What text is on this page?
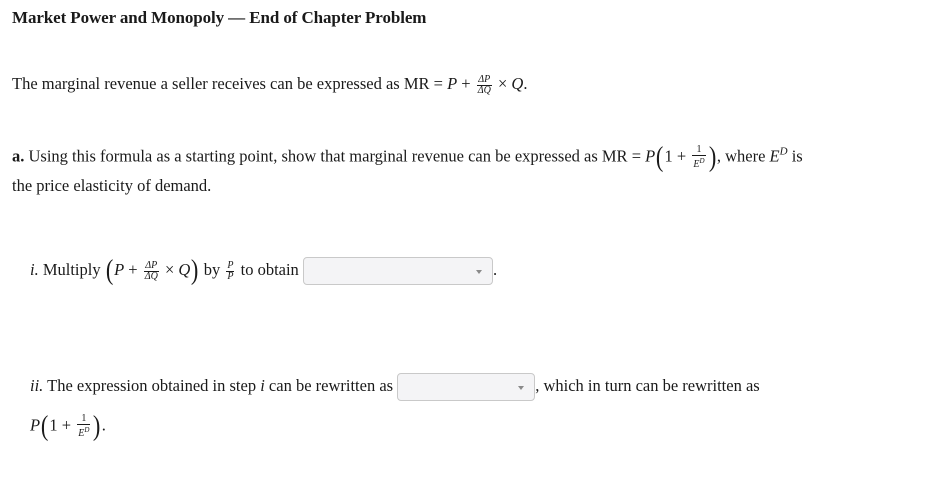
Market Power and Monopoly — End of Chapter Problem
The marginal revenue a seller receives can be expressed as MR = $P + \frac{\Delta P}{\Delta Q} \times Q$.
a. Using this formula as a starting point, show that marginal revenue can be expressed as MR = $P(1 + \frac{1}{E^D}$ ), where $E^D$ is
the price elasticity of demand.
i. Multiply $(P + \frac{\Delta P}{\Delta Q} \times Q)$ by $\frac{P}{P}$ to obtain	.
ii. The expression obtained in step i can be rewritten as	, which in turn can be rewritten as
$P(1 + \frac{1}{E^D}$ ).
